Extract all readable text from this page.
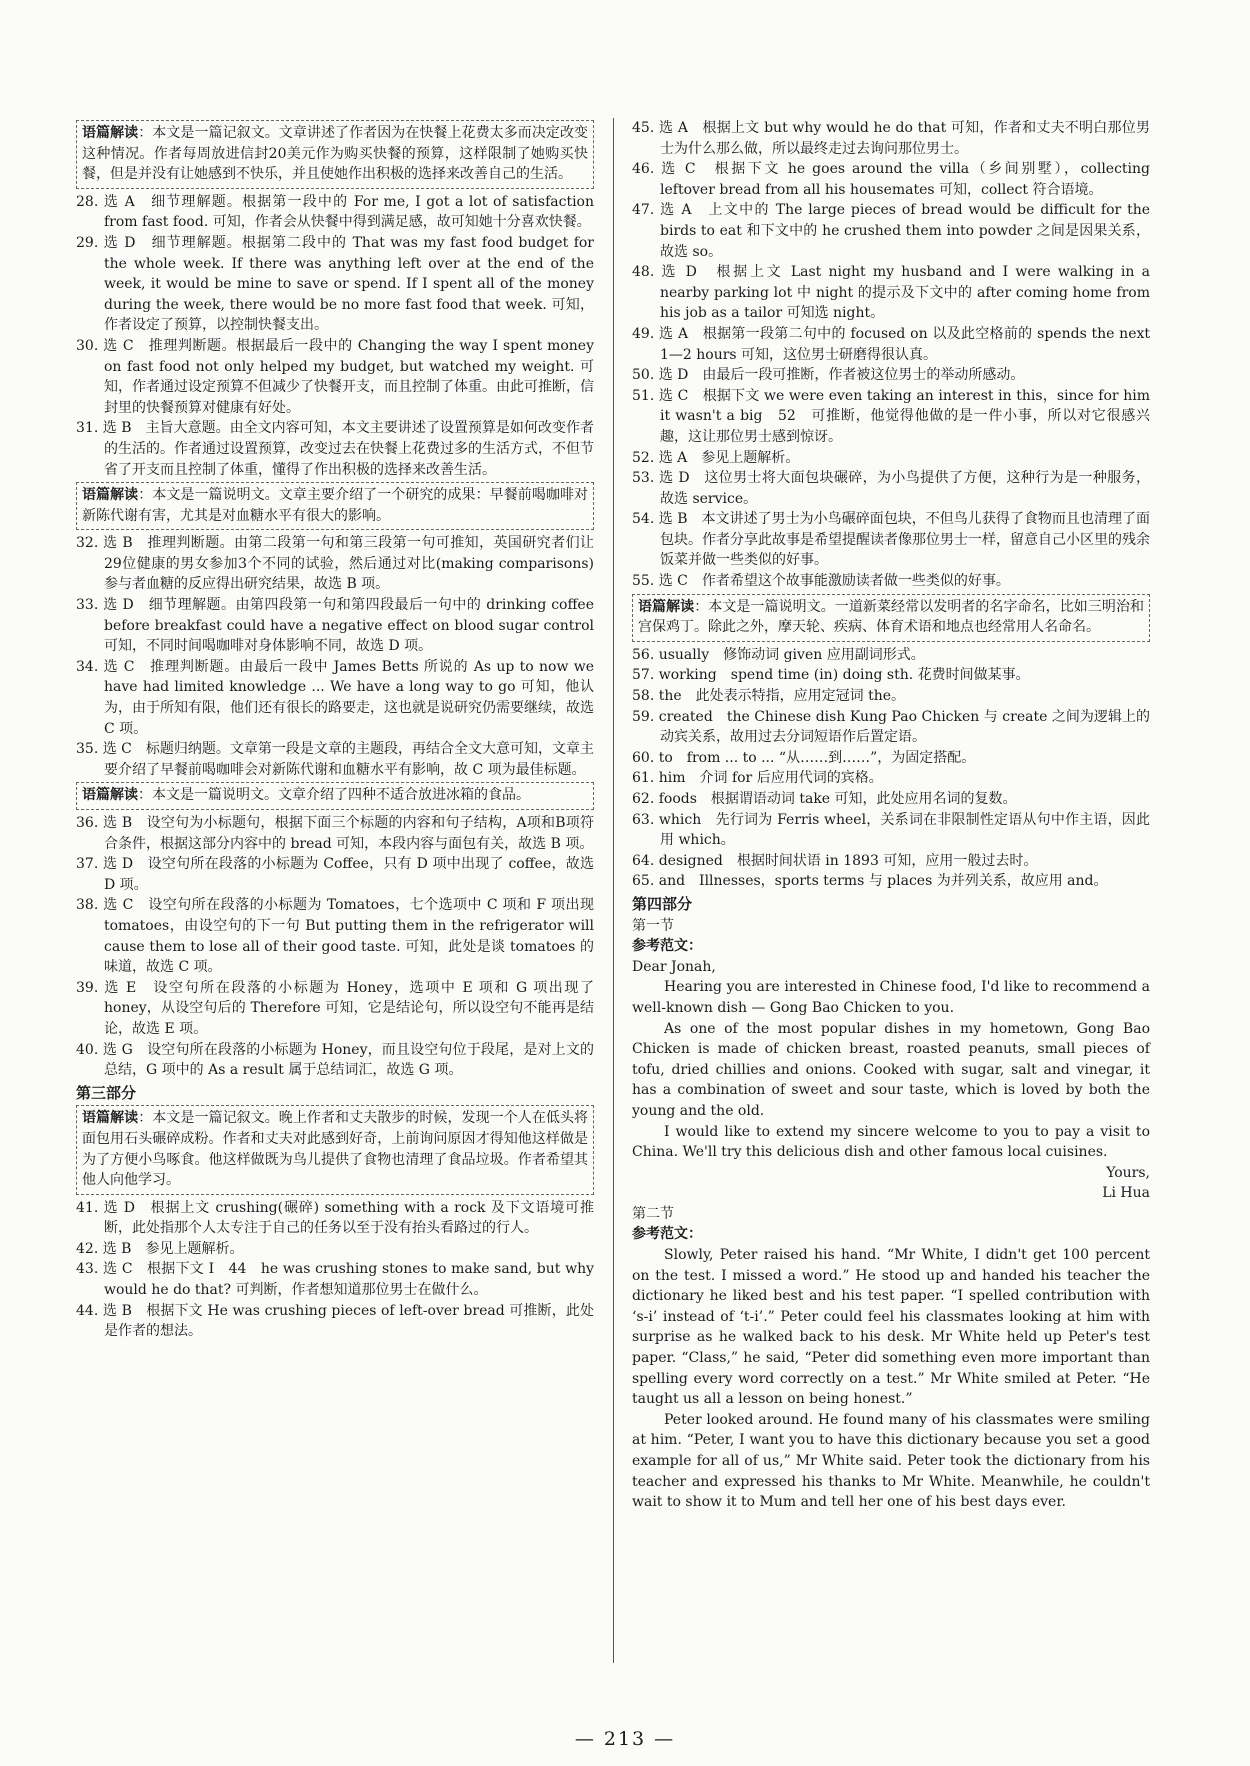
语篇解读：本文是一篇记叙文。文章讲述了作者因为在快餐上花费太多而决定改变这种情况。作者每周放进信封20美元作为购买快餐的预算，这样限制了她购买快餐，但是并没有让她感到不快乐，并且使她作出积极的选择来改善自己的生活。

28. 选 A　细节理解题。根据第一段中的 For me, I got a lot of satisfaction from fast food. 可知，作者会从快餐中得到满足感，故可知她十分喜欢快餐。

29. 选 D　细节理解题。根据第二段中的 That was my fast food budget for the whole week. If there was anything left over at the end of the week, it would be mine to save or spend. If I spent all of the money during the week, there would be no more fast food that week. 可知，作者设定了预算，以控制快餐支出。

30. 选 C　推理判断题。根据最后一段中的 Changing the way I spent money on fast food not only helped my budget, but watched my weight. 可知，作者通过设定预算不但减少了快餐开支，而且控制了体重。由此可推断，信封里的快餐预算对健康有好处。

31. 选 B　主旨大意题。由全文内容可知，本文主要讲述了设置预算是如何改变作者的生活的。作者通过设置预算，改变过去在快餐上花费过多的生活方式，不但节省了开支而且控制了体重，懂得了作出积极的选择来改善生活。

语篇解读：本文是一篇说明文。文章主要介绍了一个研究的成果：早餐前喝咖啡对新陈代谢有害，尤其是对血糖水平有很大的影响。

32. 选 B　推理判断题。由第二段第一句和第三段第一句可推知，英国研究者们让29位健康的男女参加3个不同的试验，然后通过对比(making comparisons)参与者血糖的反应得出研究结果，故选 B 项。

33. 选 D　细节理解题。由第四段第一句和第四段最后一句中的 drinking coffee before breakfast could have a negative effect on blood sugar control 可知，不同时间喝咖啡对身体影响不同，故选 D 项。

34. 选 C　推理判断题。由最后一段中 James Betts 所说的 As up to now we have had limited knowledge ... We have a long way to go 可知，他认为，由于所知有限，他们还有很长的路要走，这也就是说研究仍需要继续，故选 C 项。

35. 选 C　标题归纳题。文章第一段是文章的主题段，再结合全文大意可知，文章主要介绍了早餐前喝咖啡会对新陈代谢和血糖水平有影响，故 C 项为最佳标题。

语篇解读：本文是一篇说明文。文章介绍了四种不适合放进冰箱的食品。

36. 选 B　设空句为小标题句，根据下面三个标题的内容和句子结构，A项和B项符合条件，根据这部分内容中的 bread 可知，本段内容与面包有关，故选 B 项。

37. 选 D　设空句所在段落的小标题为 Coffee，只有 D 项中出现了 coffee，故选 D 项。

38. 选 C　设空句所在段落的小标题为 Tomatoes，七个选项中 C 项和 F 项出现 tomatoes，由设空句的下一句 But putting them in the refrigerator will cause them to lose all of their good taste. 可知，此处是谈 tomatoes 的味道，故选 C 项。

39. 选 E　设空句所在段落的小标题为 Honey，选项中 E 项和 G 项出现了 honey，从设空句后的 Therefore 可知，它是结论句，所以设空句不能再是结论，故选 E 项。

40. 选 G　设空句所在段落的小标题为 Honey，而且设空句位于段尾，是对上文的总结，G 项中的 As a result 属于总结词汇，故选 G 项。

第三部分
语篇解读：本文是一篇记叙文。晚上作者和丈夫散步的时候，发现一个人在低头将面包用石头碾碎成粉。作者和丈夫对此感到好奇，上前询问原因才得知他这样做是为了方便小鸟啄食。他这样做既为鸟儿提供了食物也清理了食品垃圾。作者希望其他人向他学习。

41. 选 D　根据上文 crushing(碾碎) something with a rock 及下文语境可推断，此处指那个人太专注于自己的任务以至于没有抬头看路过的行人。

42. 选 B　参见上题解析。

43. 选 C　根据下文 I　44　he was crushing stones to make sand, but why would he do that? 可判断，作者想知道那位男士在做什么。

44. 选 B　根据下文 He was crushing pieces of left-over bread 可推断，此处是作者的想法。

45. 选 A　根据上文 but why would he do that 可知，作者和丈夫不明白那位男士为什么那么做，所以最终走过去询问那位男士。

46. 选 C　根据下文 he goes around the villa（乡间别墅），collecting leftover bread from all his housemates 可知，collect 符合语境。

47. 选 A　上文中的 The large pieces of bread would be difficult for the birds to eat 和下文中的 he crushed them into powder 之间是因果关系，故选 so。

48. 选 D　根据上文 Last night my husband and I were walking in a nearby parking lot 中 night 的提示及下文中的 after coming home from his job as a tailor 可知选 night。

49. 选 A　根据第一段第二句中的 focused on 以及此空格前的 spends the next 1—2 hours 可知，这位男士研磨得很认真。

50. 选 D　由最后一段可推断，作者被这位男士的举动所感动。

51. 选 C　根据下文 we were even taking an interest in this，since for him it wasn't a big　52　可推断，他觉得他做的是一件小事，所以对它很感兴趣，这让那位男士感到惊讶。

52. 选 A　参见上题解析。

53. 选 D　这位男士将大面包块碾碎，为小鸟提供了方便，这种行为是一种服务，故选 service。

54. 选 B　本文讲述了男士为小鸟碾碎面包块，不但鸟儿获得了食物而且也清理了面包块。作者分享此故事是希望提醒读者像那位男士一样，留意自己小区里的残余饭菜并做一些类似的好事。

55. 选 C　作者希望这个故事能激励读者做一些类似的好事。

语篇解读：本文是一篇说明文。一道新菜经常以发明者的名字命名，比如三明治和宫保鸡丁。除此之外，摩天轮、疾病、体育术语和地点也经常用人名命名。

56. usually　修饰动词 given 应用副词形式。

57. working　spend time (in) doing sth. 花费时间做某事。

58. the　此处表示特指，应用定冠词 the。

59. created　the Chinese dish Kung Pao Chicken 与 create 之间为逻辑上的动宾关系，故用过去分词短语作后置定语。

60. to　from ... to ... “从……到……”，为固定搭配。

61. him　介词 for 后应用代词的宾格。

62. foods　根据谓语动词 take 可知，此处应用名词的复数。

63. which　先行词为 Ferris wheel，关系词在非限制性定语从句中作主语，因此用 which。

64. designed　根据时间状语 in 1893 可知，应用一般过去时。

65. and　Illnesses，sports terms 与 places 为并列关系，故应用 and。

第四部分
第一节
参考范文：

Dear Jonah,

Hearing you are interested in Chinese food, I'd like to recommend a well-known dish — Gong Bao Chicken to you.

As one of the most popular dishes in my hometown, Gong Bao Chicken is made of chicken breast, roasted peanuts, small pieces of tofu, dried chillies and onions. Cooked with sugar, salt and vinegar, it has a combination of sweet and sour taste, which is loved by both the young and the old.

I would like to extend my sincere welcome to you to pay a visit to China. We'll try this delicious dish and other famous local cuisines.

Yours,

Li Hua

第二节
参考范文：

Slowly, Peter raised his hand. “Mr White, I didn't get 100 percent on the test. I missed a word.” He stood up and handed his teacher the dictionary he liked best and his test paper. “I spelled contribution with ‘s-i’ instead of ‘t-i’.” Peter could feel his classmates looking at him with surprise as he walked back to his desk. Mr White held up Peter's test paper. “Class,” he said, “Peter did something even more important than spelling every word correctly on a test.” Mr White smiled at Peter. “He taught us all a lesson on being honest.”

Peter looked around. He found many of his classmates were smiling at him. “Peter, I want you to have this dictionary because you set a good example for all of us,” Mr White said. Peter took the dictionary from his teacher and expressed his thanks to Mr White. Meanwhile, he couldn't wait to show it to Mum and tell her one of his best days ever.

— 213 —
